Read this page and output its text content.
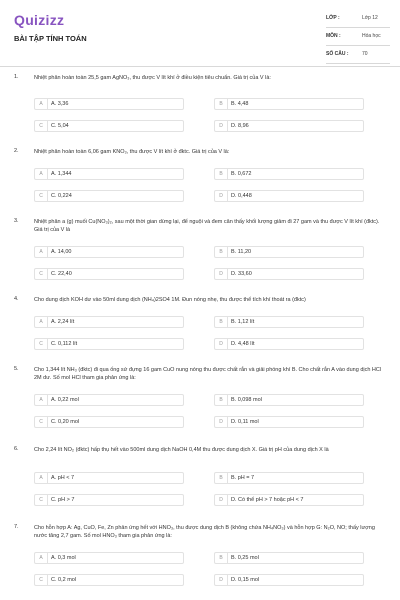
Quizizz
BÀI TẬP TÍNH TOÁN
LỚP :	Lớp 12
MÔN :	Hóa học
SỐ CÂU :	70
1.	Nhiệt phân hoàn toàn 25,5 gam AgNO₃, thu được V lít khí ở điều kiện tiêu chuẩn. Giá trị của V là:
A	A. 3,36	B	B. 4,48
C	C. 5,04	D	D. 8,96
2.	Nhiệt phân hoàn toàn 6,06 gam KNO₃, thu được V lít khí ở đktc. Giá trị của V là:
A	A. 1,344	B	B. 0,672
C	C. 0,224	D	D. 0,448
3.	Nhiệt phân a (g) muối Cu(NO₃)₂, sau một thời gian dừng lại, để nguội và đem cân thấy khối lượng giảm đi 27 gam và thu được V lít khí (đktc). Giá trị của V là
A	A. 14,00	B	B. 11,20
C	C. 22,40	D	D. 33,60
4.	Cho dung dịch KOH dư vào 50ml dung dịch (NH₄)2SO4 1M. Đun nóng nhẹ, thu được thể tích khí thoát ra (đktc)
A	A. 2,24 lít	B	B. 1,12 lít
C	C. 0,112 lít	D	D. 4,48 lít
5.	Cho 1,344 lít NH₃ (đktc) đi qua ống sứ đựng 16 gam CuO nung nóng thu được chất rắn và giải phóng khí B. Cho chất rắn A vào dung dịch HCl 2M dư. Số mol HCl tham gia phản ứng là:
A	A. 0,22 mol	B	B. 0,098 mol
C	C. 0,20 mol	D	D. 0,11 mol
6.	Cho 2,24 lít NO₂ (đktc) hấp thụ hết vào 500ml dung dịch NaOH 0,4M thu được dung dịch X. Giá trị pH của dung dịch X là
A	A. pH < 7	B	B. pH = 7
C	C. pH > 7	D	D. Có thể pH > 7 hoặc pH < 7
7.	Cho hỗn hợp A: Ag, CuO, Fe, Zn phản ứng hết với HNO₃, thu được dung dịch B (không chứa NH₄NO₃) và hỗn hợp G: N₂O, NO; thấy lượng nước tăng 2,7 gam. Số mol HNO₃ tham gia phản ứng là:
A	A. 0,3 mol	B	B. 0,25 mol
C	C. 0,2 mol	D	D. 0,15 mol
